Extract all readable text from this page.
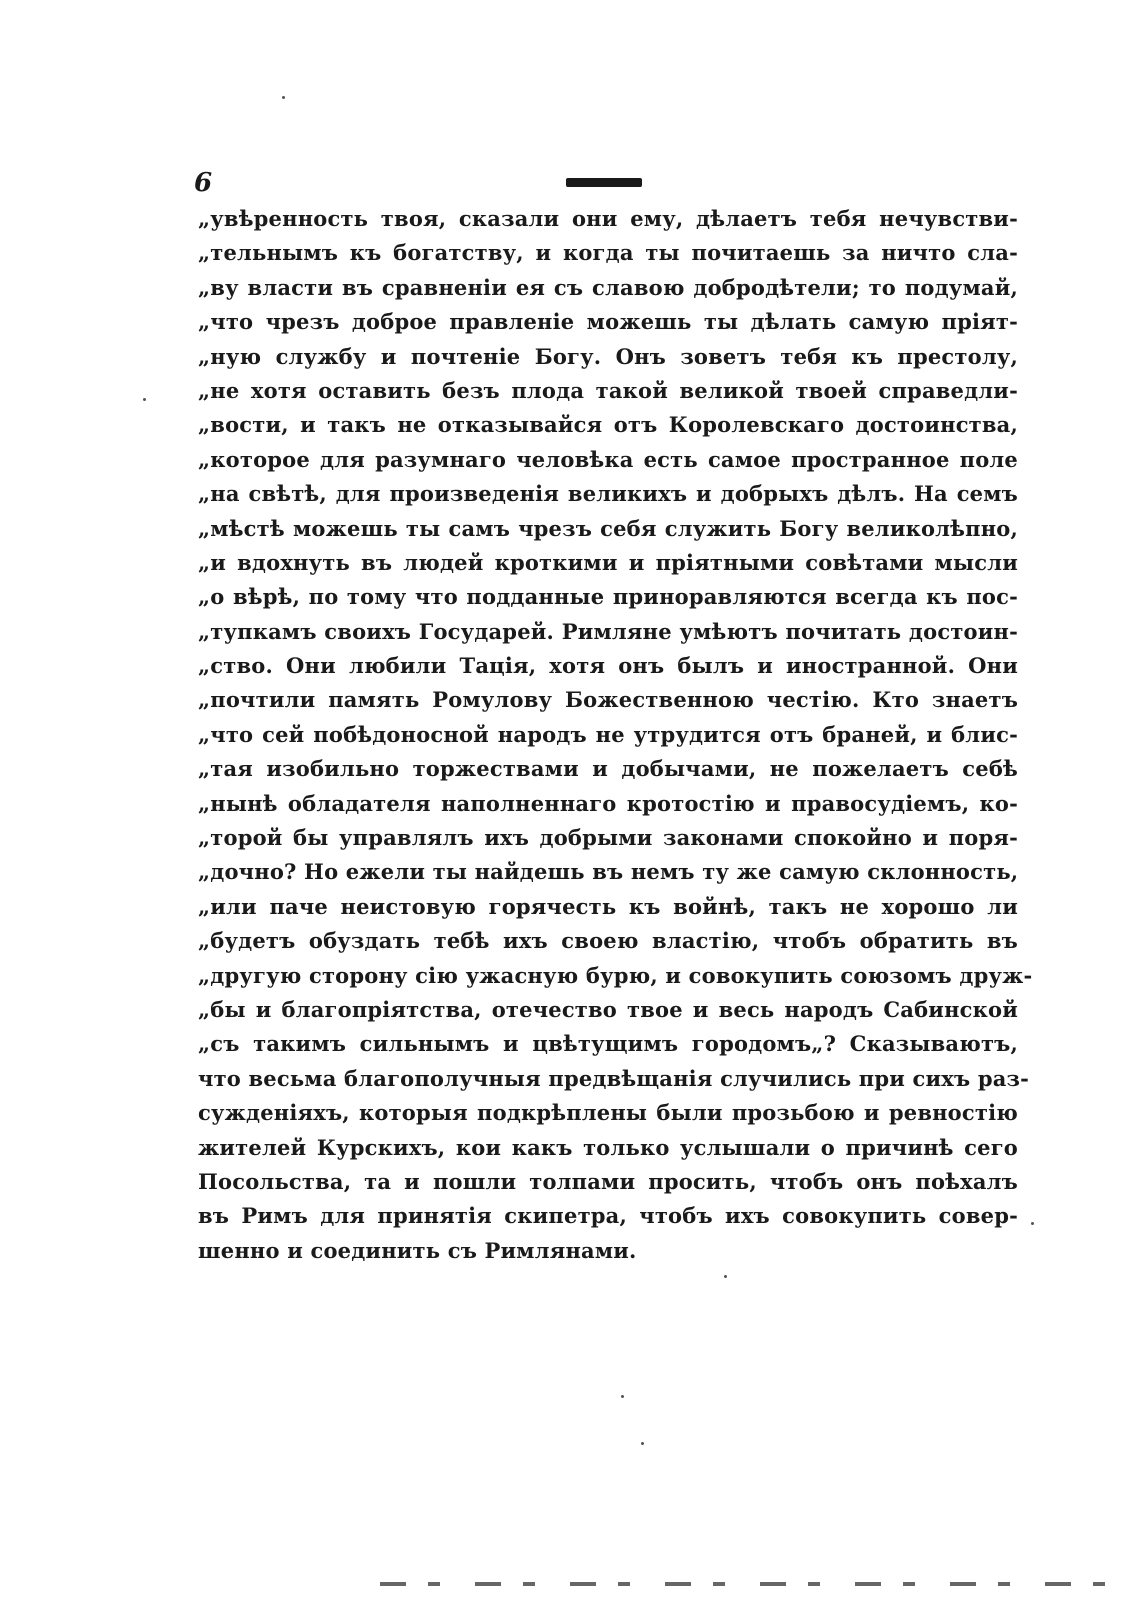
6
„увѣренность твоя, сказали они ему, дѣлаетъ тебя нечувстви-
„тельнымъ къ богатству, и когда ты почитаешь за ничто сла-
„ву власти въ сравненіи ея съ славою добродѣтели; то подумай,
„что чрезъ доброе правленіе можешь ты дѣлать самую пріят-
„ную службу и почтеніе Богу. Онъ зоветъ тебя къ престолу,
„не хотя оставить безъ плода такой великой твоей справедли-
„вости, и такъ не отказывайся отъ Королевскаго достоинства,
„которое для разумнаго человѣка есть самое пространное поле
„на свѣтѣ, для произведенія великихъ и добрыхъ дѣлъ. На семъ
„мѣстѣ можешь ты самъ чрезъ себя служить Богу великолѣпно,
„и вдохнуть въ людей кроткими и пріятными совѣтами мысли
„о вѣрѣ, по тому что подданные приноравляются всегда къ пос-
„тупкамъ своихъ Государей. Римляне умѣютъ почитать достоин-
„ство. Они любили Тація, хотя онъ былъ и иностранной. Они
„почтили память Ромулову Божественною честію. Кто знаетъ
„что сей побѣдоносной народъ не утрудится отъ браней, и блис-
„тая изобильно торжествами и добычами, не пожелаетъ себѣ
„нынѣ обладателя наполненнаго кротостію и правосудіемъ, ко-
„торой бы управлялъ ихъ добрыми законами спокойно и поря-
„дочно? Но ежели ты найдешь въ немъ ту же самую склонность,
„или паче неистовую горячесть къ войнѣ, такъ не хорошо ли
„будетъ обуздать тебѣ ихъ своею властію, чтобъ обратить въ
„другую сторону сію ужасную бурю, и совокупить союзомъ друж-
„бы и благопріятства, отечество твое и весь народъ Сабинской
„съ такимъ сильнымъ и цвѣтущимъ городомъ„? Сказываютъ,
что весьма благополучныя предвѣщанія случились при сихъ раз-
сужденіяхъ, которыя подкрѣплены были прозьбою и ревностію
жителей Курскихъ, кои какъ только услышали о причинѣ сего
Посольства, та и пошли толпами просить, чтобъ онъ поѣхалъ
въ Римъ для принятія скипетра, чтобъ ихъ совокупить совер-
шенно и соединить съ Римлянами.
